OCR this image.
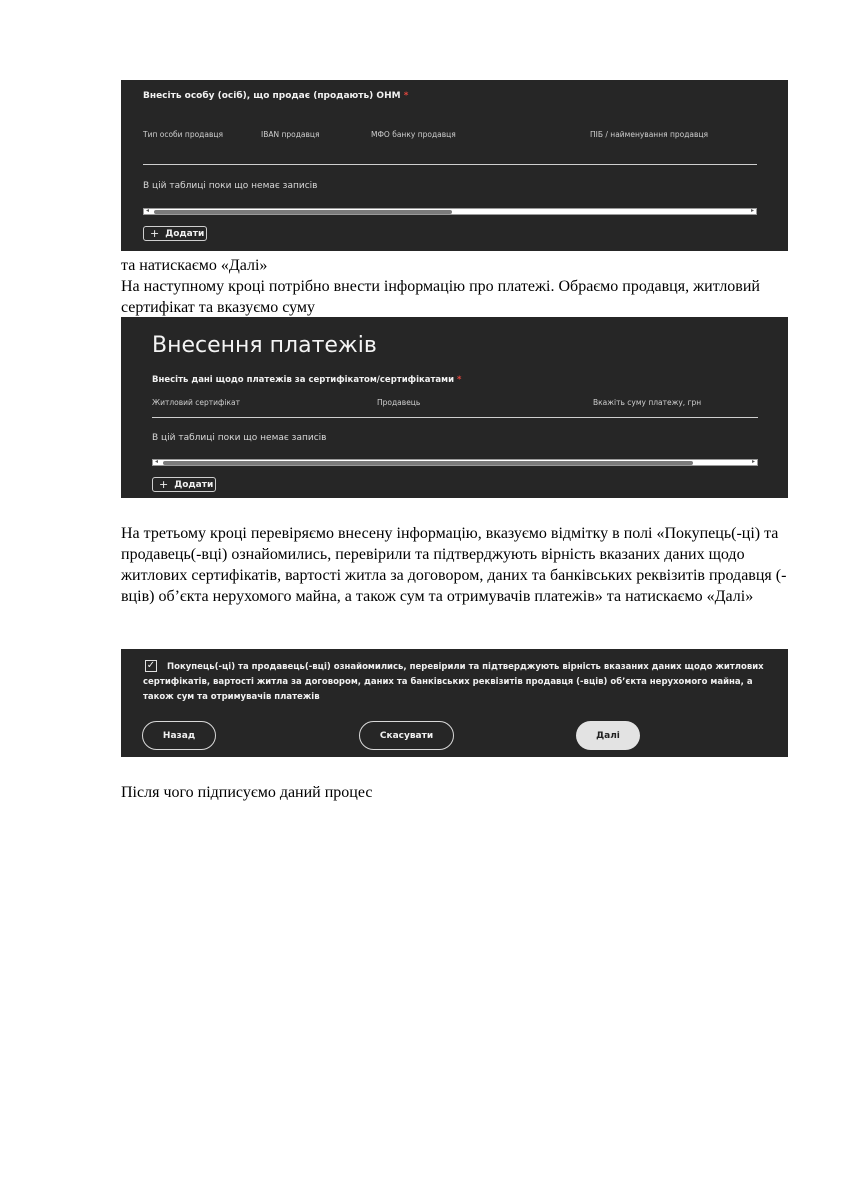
Внесіть особу (осіб), що продає (продають) ОНМ *
Тип особи продавця	IBAN продавця	МФО банку продавця	ПІБ / найменування продавця
В цій таблиці поки що немає записів
◂	▸
+ Додати
та натискаємо «Далі»
На наступному кроці потрібно внести інформацію про платежі. Обраємо продавця, житловий сертифікат та вказуємо суму
Внесення платежів
Внесіть дані щодо платежів за сертифікатом/сертифікатами *
Житловий сертифікат	Продавець	Вкажіть суму платежу, грн
В цій таблиці поки що немає записів
◂	▸
+ Додати
На третьому кроці перевіряємо внесену інформацію, вказуємо відмітку в полі «Покупець(-ці) та продавець(-вці) ознайомились, перевірили та підтверджують вірність вказаних даних щодо житлових сертифікатів, вартості житла за договором, даних та банківських реквізитів продавця (-вців) об’єкта нерухомого майна, а також сум та отримувачів платежів» та натискаємо «Далі»
✓	Покупець(-ці) та продавець(-вці) ознайомились, перевірили та підтверджують вірність вказаних даних щодо житлових сертифікатів, вартості житла за договором, даних та банківських реквізитів продавця (-вців) об’єкта нерухомого майна, а також сум та отримувачів платежів
Назад	Скасувати	Далі
Після чого підписуємо даний процес
